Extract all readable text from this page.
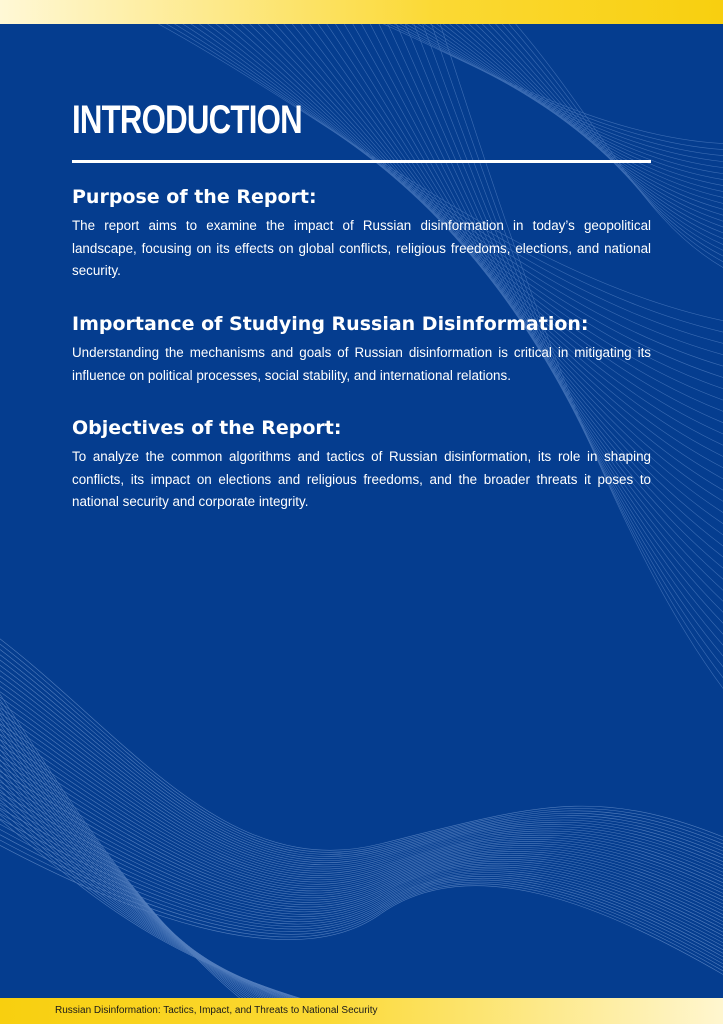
INTRODUCTION
Purpose of the Report:

The report aims to examine the impact of Russian disinformation in today’s geopolitical landscape, focusing on its effects on global conflicts, religious freedoms, elections, and national security.

Importance of Studying Russian Disinformation:

Understanding the mechanisms and goals of Russian disinformation is critical in mitigating its influence on political processes, social stability, and international relations.

Objectives of the Report:

To analyze the common algorithms and tactics of Russian disinformation, its role in shaping conflicts, its impact on elections and religious freedoms, and the broader threats it poses to national security and corporate integrity.

Russian Disinformation: Tactics, Impact, and Threats to National Security
